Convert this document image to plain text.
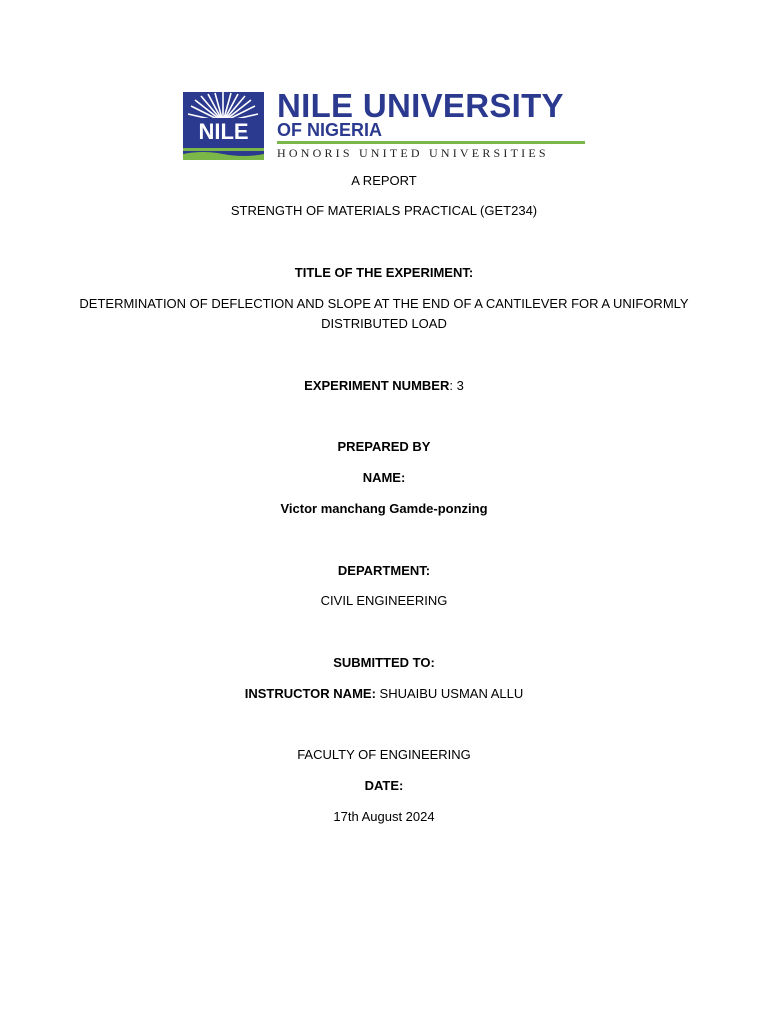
NILE
NILE UNIVERSITY
OF NIGERIA
HONORIS UNITED UNIVERSITIES
A REPORT
STRENGTH OF MATERIALS PRACTICAL (GET234)
TITLE OF THE EXPERIMENT:
DETERMINATION OF DEFLECTION AND SLOPE AT THE END OF A CANTILEVER FOR A UNIFORMLY
DISTRIBUTED LOAD
EXPERIMENT NUMBER: 3
PREPARED BY
NAME:
Victor manchang Gamde-ponzing
DEPARTMENT:
CIVIL ENGINEERING
SUBMITTED TO:
INSTRUCTOR NAME: SHUAIBU USMAN ALLU
FACULTY OF ENGINEERING
DATE:
17th August 2024
